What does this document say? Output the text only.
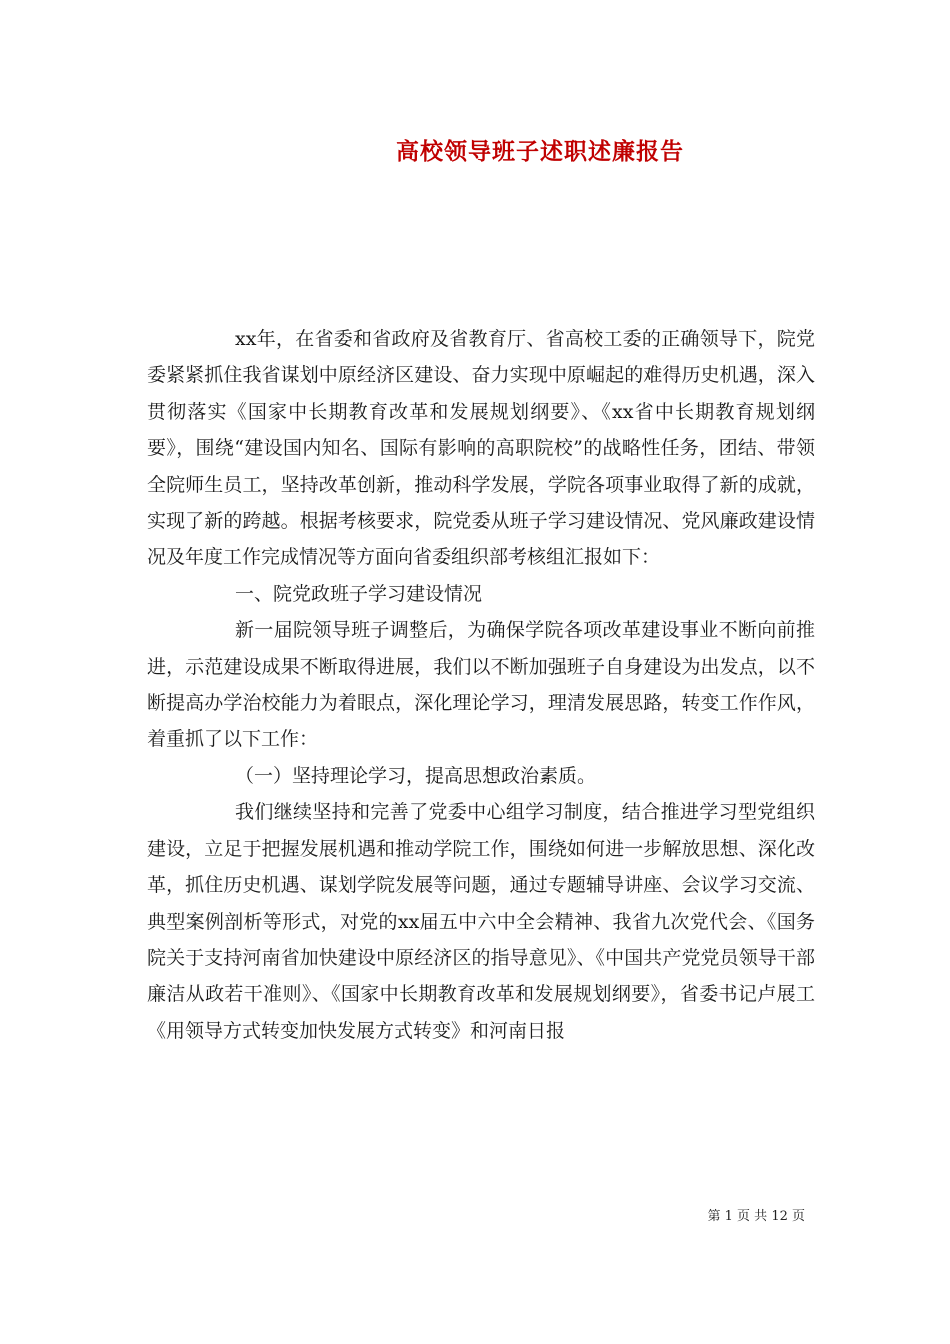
高校领导班子述职述廉报告

xx年，在省委和省政府及省教育厅、省高校工委的正确领导下，院党委紧紧抓住我省谋划中原经济区建设、奋力实现中原崛起的难得历史机遇，深入贯彻落实《国家中长期教育改革和发展规划纲要》、《xx省中长期教育规划纲要》，围绕“建设国内知名、国际有影响的高职院校”的战略性任务，团结、带领全院师生员工，坚持改革创新，推动科学发展，学院各项事业取得了新的成就，实现了新的跨越。根据考核要求，院党委从班子学习建设情况、党风廉政建设情况及年度工作完成情况等方面向省委组织部考核组汇报如下：

一、院党政班子学习建设情况

新一届院领导班子调整后，为确保学院各项改革建设事业不断向前推进，示范建设成果不断取得进展，我们以不断加强班子自身建设为出发点，以不断提高办学治校能力为着眼点，深化理论学习，理清发展思路，转变工作作风，着重抓了以下工作：

（一）坚持理论学习，提高思想政治素质。

我们继续坚持和完善了党委中心组学习制度，结合推进学习型党组织建设，立足于把握发展机遇和推动学院工作，围绕如何进一步解放思想、深化改革，抓住历史机遇、谋划学院发展等问题，通过专题辅导讲座、会议学习交流、典型案例剖析等形式，对党的xx届五中六中全会精神、我省九次党代会、《国务院关于支持河南省加快建设中原经济区的指导意见》、《中国共产党党员领导干部廉洁从政若干准则》、《国家中长期教育改革和发展规划纲要》，省委书记卢展工《用领导方式转变加快发展方式转变》和河南日报

第 1 页 共 12 页
